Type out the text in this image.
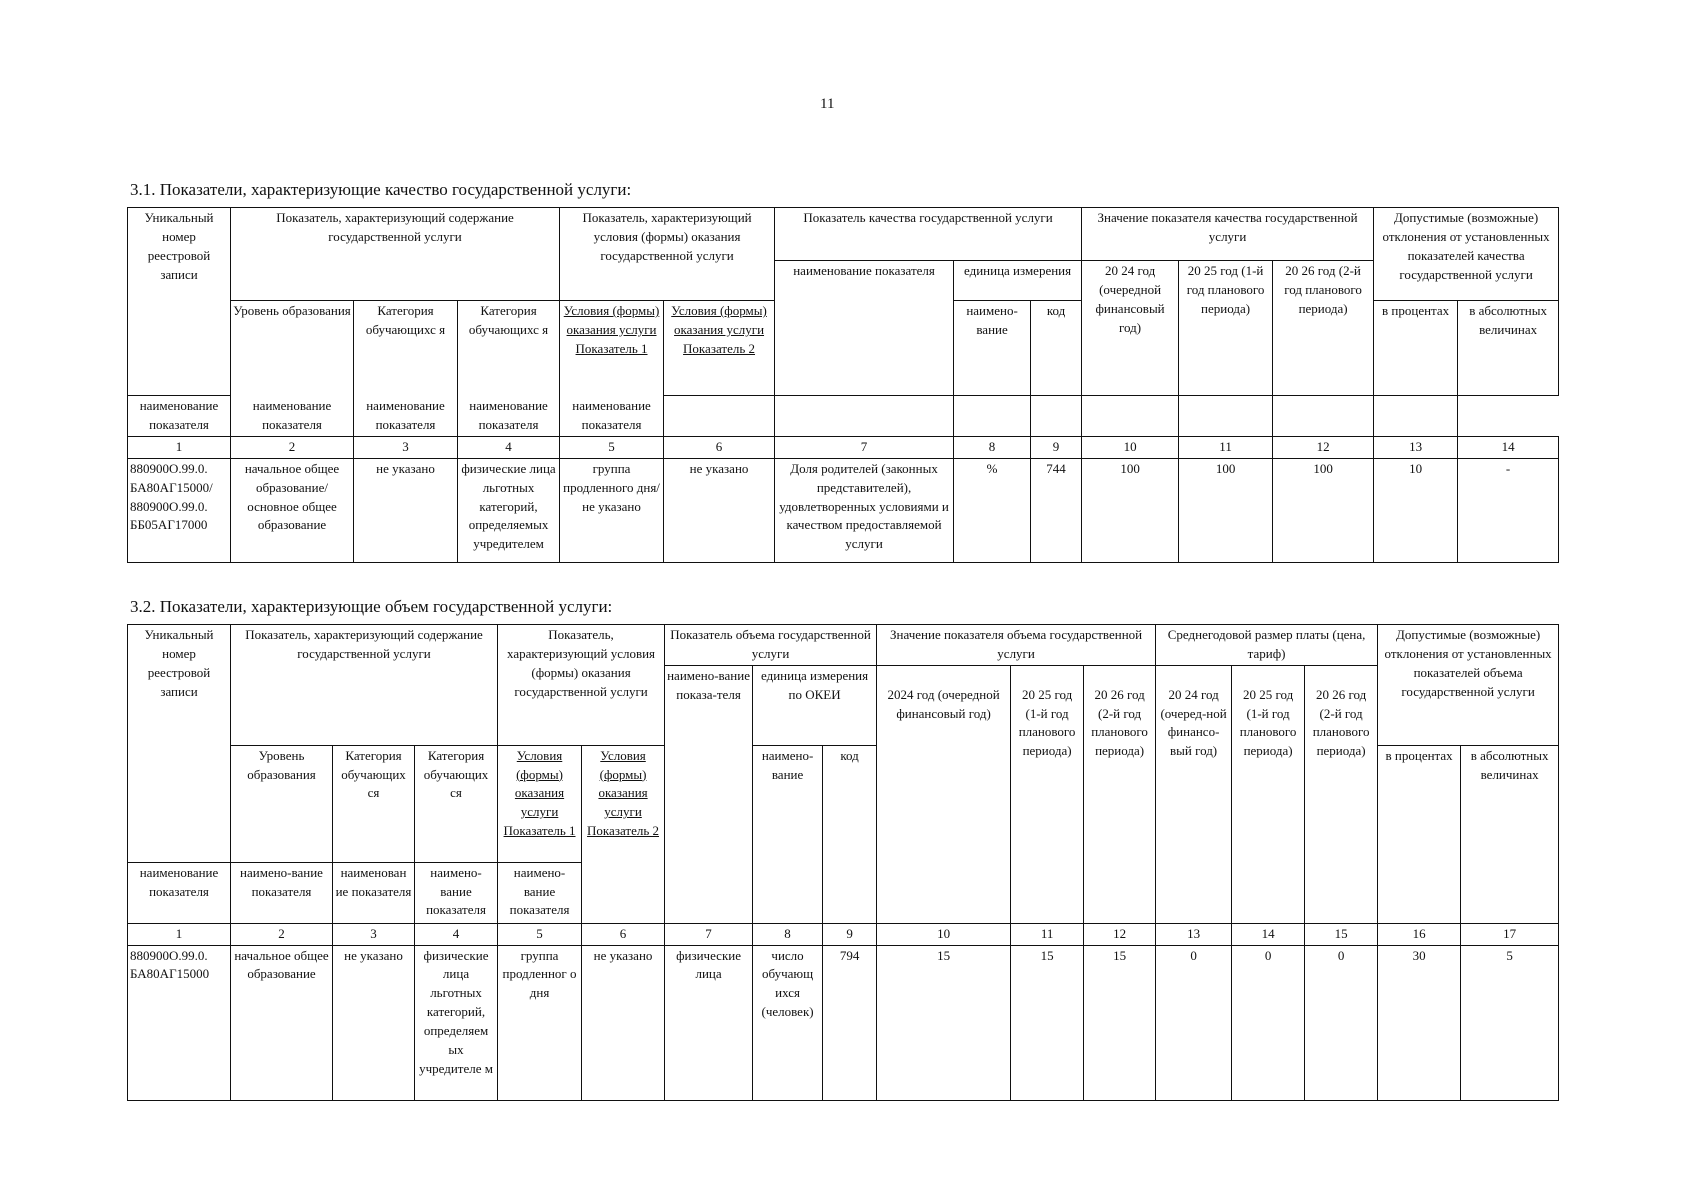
11
3.1. Показатели, характеризующие качество государственной услуги:
Уникальный номер реестровой записи	Показатель, характеризующий содержание государственной услуги			Показатель, характеризующий условия (формы) оказания государственной услуги		Показатель качества государственной услуги			Значение показателя качества государственной услуги			Допустимые (возможные) отклонения от установленных показателей качества государственной услуги	
						наименование показателя	единица измерения		20 24 год (очередной финансовый год)	20 25 год (1-й год планового периода)	20 26 год (2-й год планового периода)		
	Уровень образования	Категория обучающихс я	Категория обучающихс я	Условия (формы) оказания услуги Показатель 1	Условия (формы) оказания услуги Показатель 2		наимено-вание	код				в процентах	в абсолютных величинах
наименование показателя	наименование показателя	наименование показателя	наименование показателя	наименование показателя									
1	2	3	4	5	6	7	8	9	10	11	12	13	14
880900О.99.0. БА80АГ15000/ 880900О.99.0. ББ05АГ17000	начальное общее образование/ основное общее образование	не указано	физические лица льготных категорий, определяемых учредителем	группа продленного дня/ не указано	не указано	Доля родителей (законных представителей), удовлетворенных условиями и качеством предоставляемой услуги	%	744	100	100	100	10	-
3.2. Показатели, характеризующие объем государственной услуги:
Уникальный номер реестровой записи	Показатель, характеризующий содержание государственной услуги			Показатель, характеризующий условия (формы) оказания государственной услуги		Показатель объема государственной услуги			Значение показателя объема государственной услуги			Среднегодовой размер платы (цена, тариф)			Допустимые (возможные) отклонения от установленных показателей объема государственной услуги	
						наимено-вание показа-теля	единица измерения по ОКЕИ		2024 год (очередной финансовый год)	20 25 год (1-й год планового периода)	20 26 год (2-й год планового периода)	20 24 год (очеред-ной финансо-вый год)	20 25 год (1-й год планового периода)	20 26 год (2-й год планового периода)		
	Уровень образования	Категория обучающих ся	Категория обучающих ся	Условия (формы) оказания услуги Показатель 1	Условия (формы) оказания услуги Показатель 2		наимено-вание	код							в процентах	в абсолютных величинах
наименование показателя	наимено-вание показателя	наименован ие показателя	наимено-вание показателя	наимено-вание показателя												
1	2	3	4	5	6	7	8	9	10	11	12	13	14	15	16	17
880900О.99.0. БА80АГ15000	начальное общее образование	не указано	физические лица льготных категорий, определяем ых учредителе м	группа продленног о дня	не указано	физические лица	число обучающ ихся (человек)	794	15	15	15	0	0	0	30	5
